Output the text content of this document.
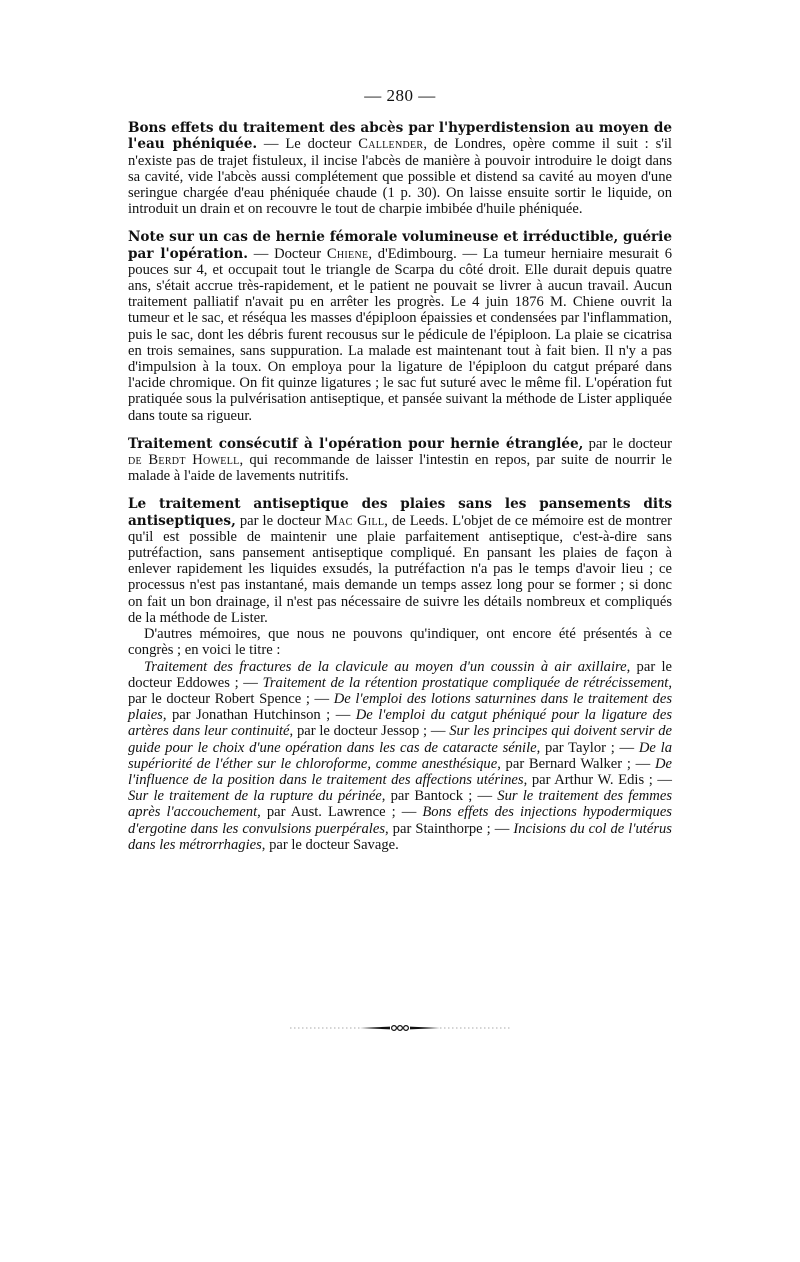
— 280 —

Bons effets du traitement des abcès par l'hyperdistension au moyen de l'eau phéniquée. — Le docteur Callender, de Londres, opère comme il suit : s'il n'existe pas de trajet fistuleux, il incise l'abcès de manière à pouvoir introduire le doigt dans sa cavité, vide l'abcès aussi complétement que possible et distend sa cavité au moyen d'une seringue chargée d'eau phéniquée chaude (1 p. 30). On laisse ensuite sortir le liquide, on introduit un drain et on recouvre le tout de charpie imbibée d'huile phéniquée.

Note sur un cas de hernie fémorale volumineuse et irréductible, guérie par l'opération. — Docteur Chiene, d'Edimbourg. — La tumeur herniaire mesurait 6 pouces sur 4, et occupait tout le triangle de Scarpa du côté droit. Elle durait depuis quatre ans, s'était accrue très-rapidement, et le patient ne pouvait se livrer à aucun travail. Aucun traitement palliatif n'avait pu en arrêter les progrès. Le 4 juin 1876 M. Chiene ouvrit la tumeur et le sac, et réséqua les masses d'épiploon épaissies et condensées par l'inflammation, puis le sac, dont les débris furent recousus sur le pédicule de l'épiploon. La plaie se cicatrisa en trois semaines, sans suppuration. La malade est maintenant tout à fait bien. Il n'y a pas d'impulsion à la toux. On employa pour la ligature de l'épiploon du catgut préparé dans l'acide chromique. On fit quinze ligatures ; le sac fut suturé avec le même fil. L'opération fut pratiquée sous la pulvérisation antiseptique, et pansée suivant la méthode de Lister appliquée dans toute sa rigueur.

Traitement consécutif à l'opération pour hernie étranglée, par le docteur de Berdt Howell, qui recommande de laisser l'intestin en repos, par suite de nourrir le malade à l'aide de lavements nutritifs.

Le traitement antiseptique des plaies sans les pansements dits antiseptiques, par le docteur Mac Gill, de Leeds. L'objet de ce mémoire est de montrer qu'il est possible de maintenir une plaie parfaitement antiseptique, c'est-à-dire sans putréfaction, sans pansement antiseptique compliqué. En pansant les plaies de façon à enlever rapidement les liquides exsudés, la putréfaction n'a pas le temps d'avoir lieu ; ce processus n'est pas instantané, mais demande un temps assez long pour se former ; si donc on fait un bon drainage, il n'est pas nécessaire de suivre les détails nombreux et compliqués de la méthode de Lister.

D'autres mémoires, que nous ne pouvons qu'indiquer, ont encore été présentés à ce congrès ; en voici le titre :

Traitement des fractures de la clavicule au moyen d'un coussin à air axillaire, par le docteur Eddowes ; — Traitement de la rétention prostatique compliquée de rétrécissement, par le docteur Robert Spence ; — De l'emploi des lotions saturnines dans le traitement des plaies, par Jonathan Hutchinson ; — De l'emploi du catgut phéniqué pour la ligature des artères dans leur continuité, par le docteur Jessop ; — Sur les principes qui doivent servir de guide pour le choix d'une opération dans les cas de cataracte sénile, par Taylor ; — De la supériorité de l'éther sur le chloroforme, comme anesthésique, par Bernard Walker ; — De l'influence de la position dans le traitement des affections utérines, par Arthur W. Edis ; — Sur le traitement de la rupture du périnée, par Bantock ; — Sur le traitement des femmes après l'accouchement, par Aust. Lawrence ; — Bons effets des injections hypodermiques d'ergotine dans les convulsions puerpérales, par Stainthorpe ; — Incisions du col de l'utérus dans les métrorrhagies, par le docteur Savage.
